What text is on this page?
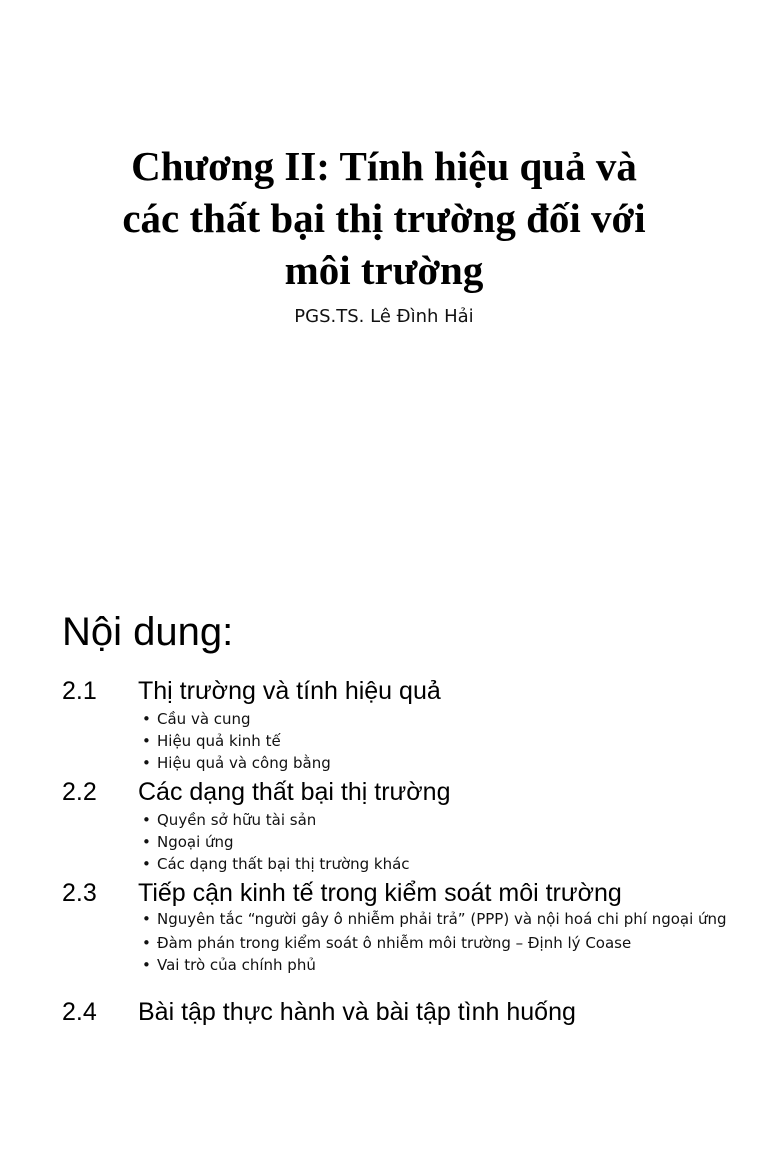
Chương II: Tính hiệu quả và
các thất bại thị trường đối với
môi trường
PGS.TS. Lê Đình Hải
Nội dung:
2.1	Thị trường và tính hiệu quả
• Cầu và cung
• Hiệu quả kinh tế
• Hiệu quả và công bằng
2.2	Các dạng thất bại thị trường
• Quyền sở hữu tài sản
• Ngoại ứng
• Các dạng thất bại thị trường khác
2.3	Tiếp cận kinh tế trong kiểm soát môi trường
• Nguyên tắc “người gây ô nhiễm phải trả” (PPP) và nội hoá chi phí ngoại ứng
• Đàm phán trong kiểm soát ô nhiễm môi trường – Định lý Coase
• Vai trò của chính phủ
2.4	Bài tập thực hành và bài tập tình huống
